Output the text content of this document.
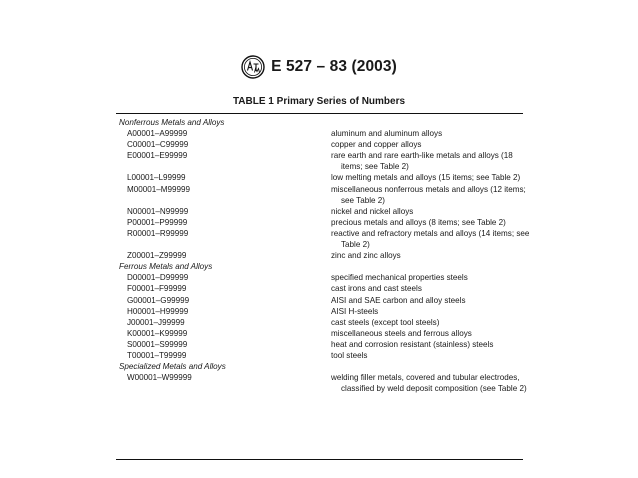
E 527 – 83 (2003)
TABLE 1 Primary Series of Numbers
Nonferrous Metals and Alloys
A00001–A99999	aluminum and aluminum alloys
C00001–C99999	copper and copper alloys
E00001–E99999	rare earth and rare earth-like metals and alloys (18
items; see Table 2)
L00001–L99999	low melting metals and alloys (15 items; see Table 2)
M00001–M99999	miscellaneous nonferrous metals and alloys (12 items;
see Table 2)
N00001–N99999	nickel and nickel alloys
P00001–P99999	precious metals and alloys (8 items; see Table 2)
R00001–R99999	reactive and refractory metals and alloys (14 items; see
Table 2)
Z00001–Z99999	zinc and zinc alloys
Ferrous Metals and Alloys
D00001–D99999	specified mechanical properties steels
F00001–F99999	cast irons and cast steels
G00001–G99999	AISI and SAE carbon and alloy steels
H00001–H99999	AISI H-steels
J00001–J99999	cast steels (except tool steels)
K00001–K99999	miscellaneous steels and ferrous alloys
S00001–S99999	heat and corrosion resistant (stainless) steels
T00001–T99999	tool steels
Specialized Metals and Alloys
W00001–W99999	welding filler metals, covered and tubular electrodes,
classified by weld deposit composition (see Table 2)
